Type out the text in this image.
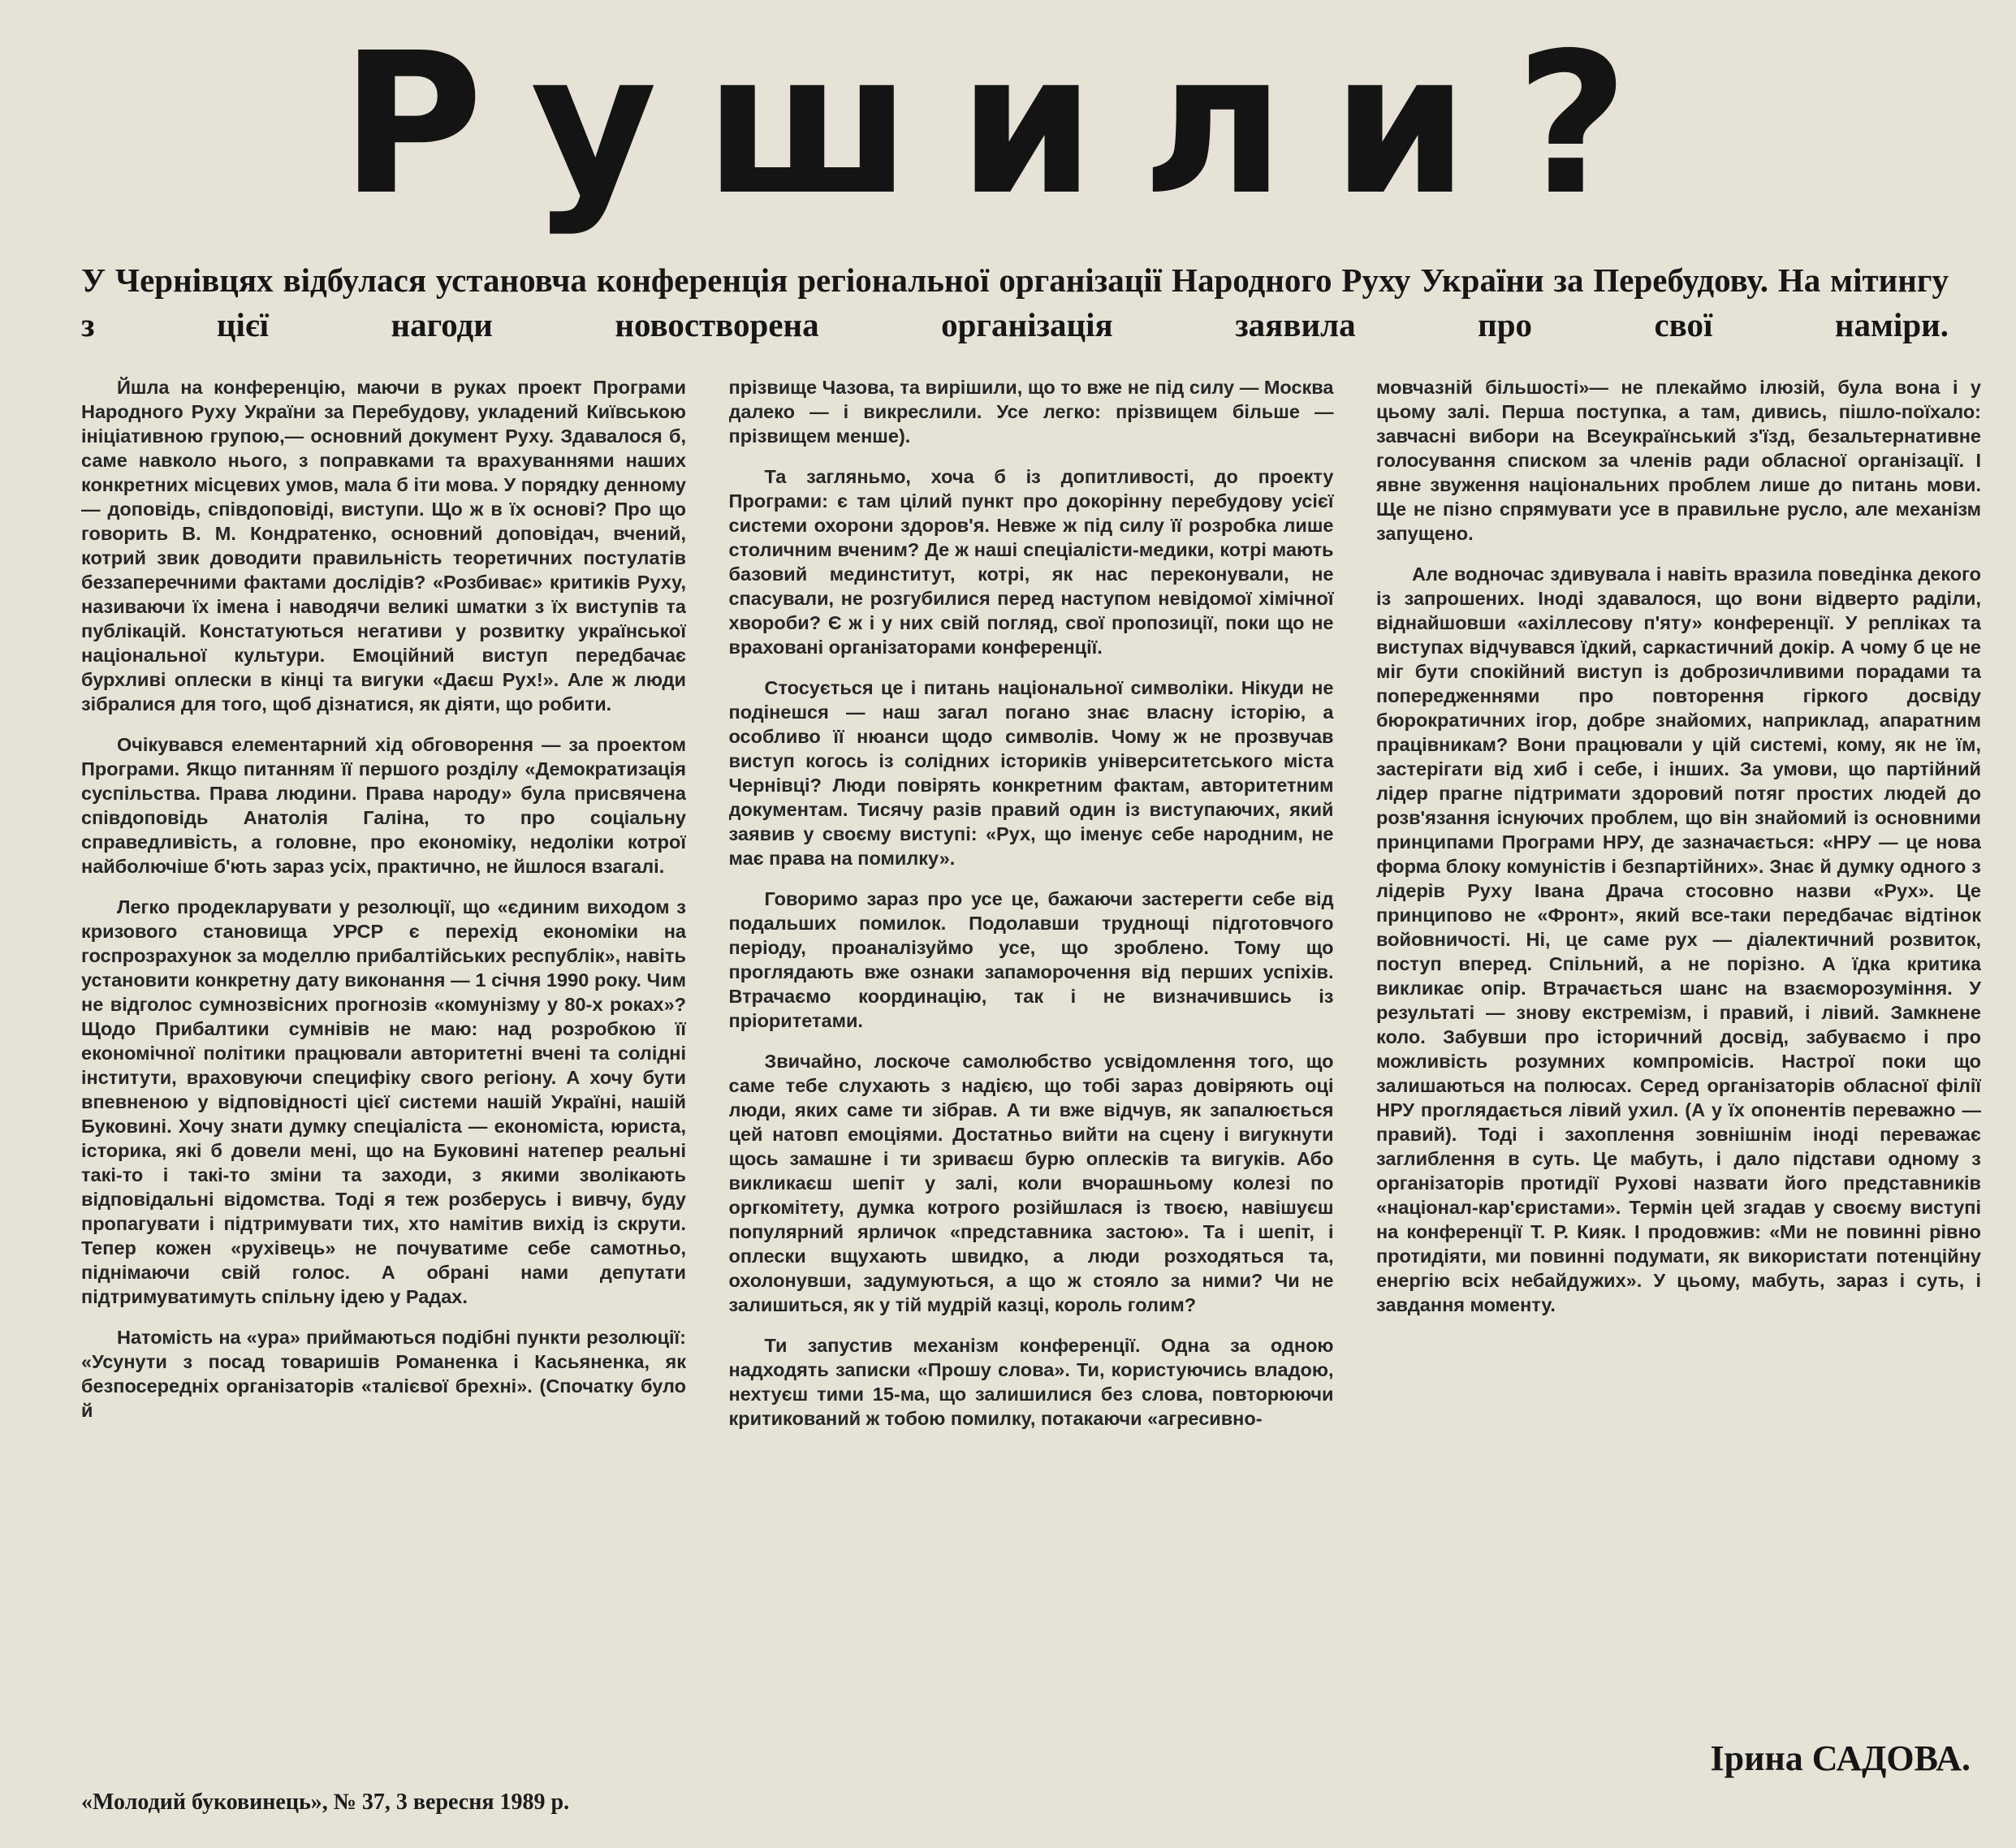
Рушили?

У Чернівцях відбулася установча конференція регіональної організації Народного Руху України за Перебудову. На мітингу з цієї нагоди новостворена організація заявила про свої наміри.

Йшла на конференцію, маючи в руках проект Програми Народного Руху України за Перебудову, укладений Київською ініціативною групою,— основний документ Руху. Здавалося б, саме навколо нього, з поправками та врахуваннями наших конкретних місцевих умов, мала б іти мова. У порядку денному — доповідь, співдоповіді, виступи. Що ж в їх основі? Про що говорить В. М. Кондратенко, основний доповідач, вчений, котрий звик доводити правильність теоретичних постулатів беззаперечними фактами дослідів? «Розбиває» критиків Руху, називаючи їх імена і наводячи великі шматки з їх виступів та публікацій. Констатуються негативи у розвитку української національної культури. Емоційний виступ передбачає бурхливі оплески в кінці та вигуки «Даєш Рух!». Але ж люди зібралися для того, щоб дізнатися, як діяти, що робити.

Очікувався елементарний хід обговорення — за проектом Програми. Якщо питанням її першого розділу «Демократизація суспільства. Права людини. Права народу» була присвячена співдоповідь Анатолія Галіна, то про соціальну справедливість, а головне, про економіку, недоліки котрої найболючіше б'ють зараз усіх, практично, не йшлося взагалі.

Легко продекларувати у резолюції, що «єдиним виходом з кризового становища УРСР є перехід економіки на госпрозрахунок за моделлю прибалтійських республік», навіть установити конкретну дату виконання — 1 січня 1990 року. Чим не відголос сумнозвісних прогнозів «комунізму у 80-х роках»? Щодо Прибалтики сумнівів не маю: над розробкою її економічної політики працювали авторитетні вчені та солідні інститути, враховуючи специфіку свого регіону. А хочу бути впевненою у відповідності цієї системи нашій Україні, нашій Буковині. Хочу знати думку спеціаліста — економіста, юриста, історика, які б довели мені, що на Буковині натепер реальні такі-то і такі-то зміни та заходи, з якими зволікають відповідальні відомства. Тоді я теж розберусь і вивчу, буду пропагувати і підтримувати тих, хто намітив вихід із скрути. Тепер кожен «рухівець» не почуватиме себе самотньо, піднімаючи свій голос. А обрані нами депутати підтримуватимуть спільну ідею у Радах.

Натомість на «ура» приймаються подібні пункти резолюції: «Усунути з посад товаришів Романенка і Касьяненка, як безпосередніх організаторів «талієвої брехні». (Спочатку було й

прізвище Чазова, та вирішили, що то вже не під силу — Москва далеко — і викреслили. Усе легко: прізвищем більше — прізвищем менше).

Та загляньмо, хоча б із допитливості, до проекту Програми: є там цілий пункт про докорінну перебудову усієї системи охорони здоров'я. Невже ж під силу її розробка лише столичним вченим? Де ж наші спеціалісти-медики, котрі мають базовий мединститут, котрі, як нас переконували, не спасували, не розгубилися перед наступом невідомої хімічної хвороби? Є ж і у них свій погляд, свої пропозиції, поки що не враховані організаторами конференції.

Стосується це і питань національної символіки. Нікуди не подінешся — наш загал погано знає власну історію, а особливо її нюанси щодо символів. Чому ж не прозвучав виступ когось із солідних істориків університетського міста Чернівці? Люди повірять конкретним фактам, авторитетним документам. Тисячу разів правий один із виступаючих, який заявив у своєму виступі: «Рух, що іменує себе народним, не має права на помилку».

Говоримо зараз про усе це, бажаючи застерегти себе від подальших помилок. Подолавши труднощі підготовчого періоду, проаналізуймо усе, що зроблено. Тому що проглядають вже ознаки запаморочення від перших успіхів. Втрачаємо координацію, так і не визначившись із пріоритетами.

Звичайно, лоскоче самолюбство усвідомлення того, що саме тебе слухають з надією, що тобі зараз довіряють оці люди, яких саме ти зібрав. А ти вже відчув, як запалюється цей натовп емоціями. Достатньо вийти на сцену і вигукнути щось замашне і ти зриваєш бурю оплесків та вигуків. Або викликаєш шепіт у залі, коли вчорашньому колезі по оргкомітету, думка котрого розійшлася із твоєю, навішуєш популярний ярличок «представника застою». Та і шепіт, і оплески вщухають швидко, а люди розходяться та, охолонувши, задумуються, а що ж стояло за ними? Чи не залишиться, як у тій мудрій казці, король голим?

Ти запустив механізм конференції. Одна за одною надходять записки «Прошу слова». Ти, користуючись владою, нехтуєш тими 15-ма, що залишилися без слова, повторюючи критикований ж тобою помилку, потакаючи «агресивно-

мовчазній більшості»— не плекаймо ілюзій, була вона і у цьому залі. Перша поступка, а там, дивись, пішло-поїхало: завчасні вибори на Всеукраїнський з'їзд, безальтернативне голосування списком за членів ради обласної організації. І явне звуження національних проблем лише до питань мови. Ще не пізно спрямувати усе в правильне русло, але механізм запущено.

Але водночас здивувала і навіть вразила поведінка декого із запрошених. Іноді здавалося, що вони відверто раділи, віднайшовши «ахіллесову п'яту» конференції. У репліках та виступах відчувався їдкий, саркастичний докір. А чому б це не міг бути спокійний виступ із доброзичливими порадами та попередженнями про повторення гіркого досвіду бюрократичних ігор, добре знайомих, наприклад, апаратним працівникам? Вони працювали у цій системі, кому, як не їм, застерігати від хиб і себе, і інших. За умови, що партійний лідер прагне підтримати здоровий потяг простих людей до розв'язання існуючих проблем, що він знайомий із основними принципами Програми НРУ, де зазначається: «НРУ — це нова форма блоку комуністів і безпартійних». Знає й думку одного з лідерів Руху Івана Драча стосовно назви «Рух». Це принципово не «Фронт», який все-таки передбачає відтінок войовничості. Ні, це саме рух — діалектичний розвиток, поступ вперед. Спільний, а не порізно. А їдка критика викликає опір. Втрачається шанс на взаєморозуміння. У результаті — знову екстремізм, і правий, і лівий. Замкнене коло. Забувши про історичний досвід, забуваємо і про можливість розумних компромісів. Настрої поки що залишаються на полюсах. Серед організаторів обласної філії НРУ проглядається лівий ухил. (А у їх опонентів переважно — правий). Тоді і захоплення зовнішнім іноді переважає заглиблення в суть. Це мабуть, і дало підстави одному з організаторів протидії Рухові назвати його представників «націонал-кар'єристами». Термін цей згадав у своєму виступі на конференції Т. Р. Кияк. І продовжив: «Ми не повинні рівно протидіяти, ми повинні подумати, як використати потенційну енергію всіх небайдужих». У цьому, мабуть, зараз і суть, і завдання моменту.

Ірина САДОВА.
«Молодий буковинець», № 37, 3 вересня 1989 р.
